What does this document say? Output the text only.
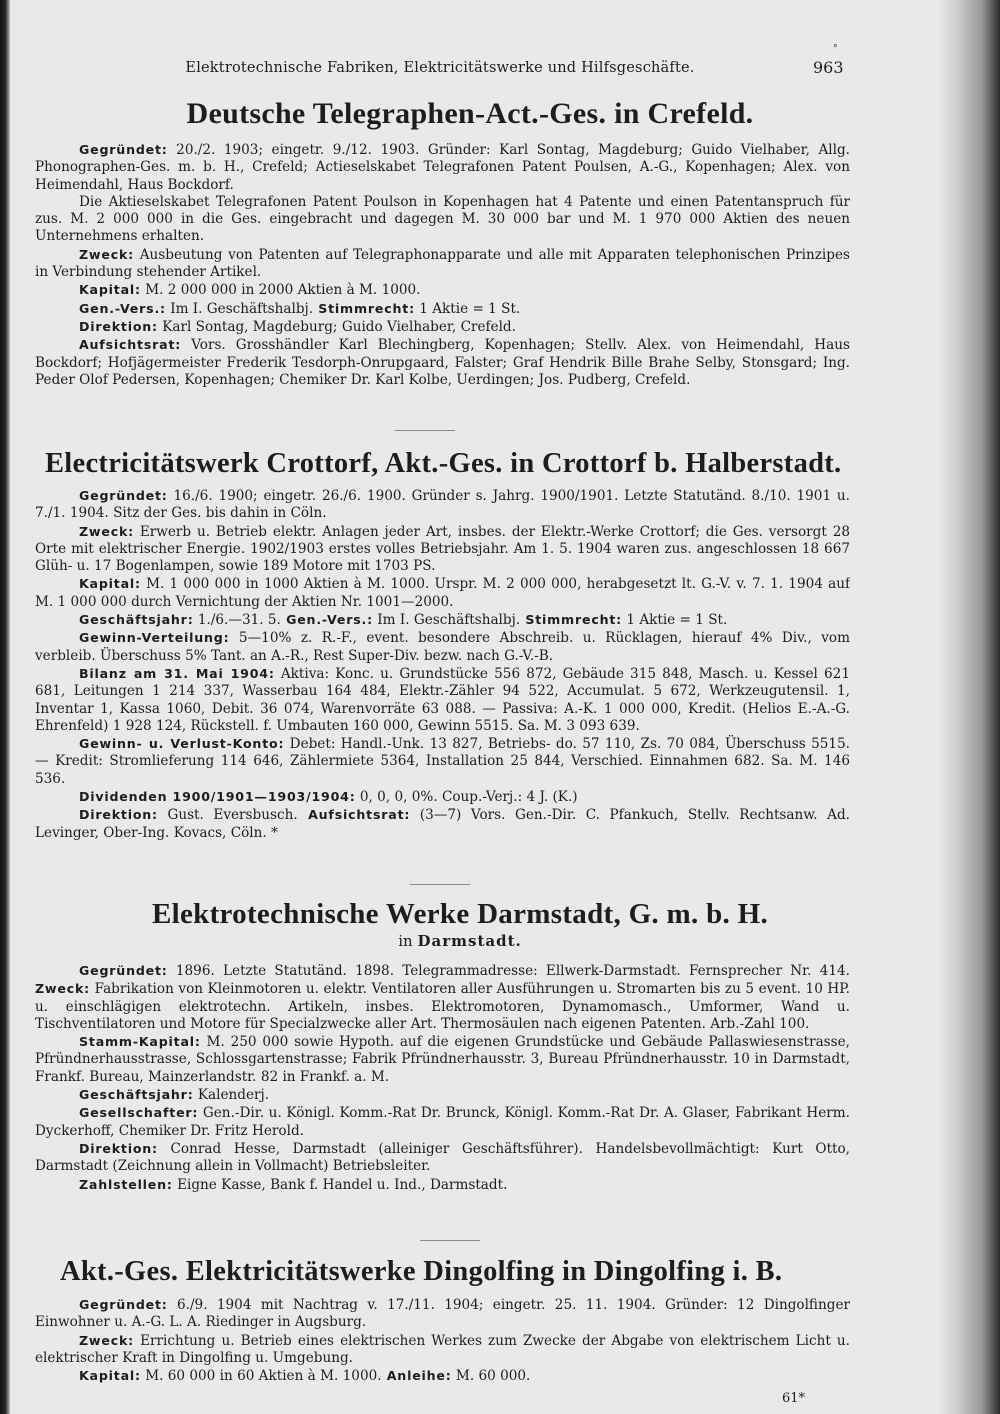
Elektrotechnische Fabriken, Elektricitätswerke und Hilfsgeschäfte.
°
963
Deutsche Telegraphen-Act.-Ges. in Crefeld.

Gegründet: 20./2. 1903; eingetr. 9./12. 1903. Gründer: Karl Sontag, Magdeburg; Guido Vielhaber, Allg. Phonographen-Ges. m. b. H., Crefeld; Actieselskabet Telegrafonen Patent Poulsen, A.-G., Kopenhagen; Alex. von Heimendahl, Haus Bockdorf.

Die Aktieselskabet Telegrafonen Patent Poulson in Kopenhagen hat 4 Patente und einen Patentanspruch für zus. M. 2 000 000 in die Ges. eingebracht und dagegen M. 30 000 bar und M. 1 970 000 Aktien des neuen Unternehmens erhalten.

Zweck: Ausbeutung von Patenten auf Telegraphonapparate und alle mit Apparaten telephonischen Prinzipes in Verbindung stehender Artikel.

Kapital: M. 2 000 000 in 2000 Aktien à M. 1000.

Gen.-Vers.: Im I. Geschäftshalbj. Stimmrecht: 1 Aktie = 1 St.

Direktion: Karl Sontag, Magdeburg; Guido Vielhaber, Crefeld.

Aufsichtsrat: Vors. Grosshändler Karl Blechingberg, Kopenhagen; Stellv. Alex. von Heimendahl, Haus Bockdorf; Hofjägermeister Frederik Tesdorph-Onrupgaard, Falster; Graf Hendrik Bille Brahe Selby, Stonsgard; Ing. Peder Olof Pedersen, Kopenhagen; Chemiker Dr. Karl Kolbe, Uerdingen; Jos. Pudberg, Crefeld.

Electricitätswerk Crottorf, Akt.-Ges. in Crottorf b. Halberstadt.

Gegründet: 16./6. 1900; eingetr. 26./6. 1900. Gründer s. Jahrg. 1900/1901. Letzte Statutänd. 8./10. 1901 u. 7./1. 1904. Sitz der Ges. bis dahin in Cöln.

Zweck: Erwerb u. Betrieb elektr. Anlagen jeder Art, insbes. der Elektr.-Werke Crottorf; die Ges. versorgt 28 Orte mit elektrischer Energie. 1902/1903 erstes volles Betriebsjahr. Am 1. 5. 1904 waren zus. angeschlossen 18 667 Glüh- u. 17 Bogenlampen, sowie 189 Motore mit 1703 PS.

Kapital: M. 1 000 000 in 1000 Aktien à M. 1000. Urspr. M. 2 000 000, herabgesetzt lt. G.-V. v. 7. 1. 1904 auf M. 1 000 000 durch Vernichtung der Aktien Nr. 1001—2000.

Geschäftsjahr: 1./6.—31. 5. Gen.-Vers.: Im I. Geschäftshalbj. Stimmrecht: 1 Aktie = 1 St.

Gewinn-Verteilung: 5—10% z. R.-F., event. besondere Abschreib. u. Rücklagen, hierauf 4% Div., vom verbleib. Überschuss 5% Tant. an A.-R., Rest Super-Div. bezw. nach G.-V.-B.

Bilanz am 31. Mai 1904: Aktiva: Konc. u. Grundstücke 556 872, Gebäude 315 848, Masch. u. Kessel 621 681, Leitungen 1 214 337, Wasserbau 164 484, Elektr.-Zähler 94 522, Accumulat. 5 672, Werkzeugutensil. 1, Inventar 1, Kassa 1060, Debit. 36 074, Warenvorräte 63 088. — Passiva: A.-K. 1 000 000, Kredit. (Helios E.-A.-G. Ehrenfeld) 1 928 124, Rückstell. f. Umbauten 160 000, Gewinn 5515. Sa. M. 3 093 639.

Gewinn- u. Verlust-Konto: Debet: Handl.-Unk. 13 827, Betriebs- do. 57 110, Zs. 70 084, Überschuss 5515. — Kredit: Stromlieferung 114 646, Zählermiete 5364, Installation 25 844, Verschied. Einnahmen 682. Sa. M. 146 536.

Dividenden 1900/1901—1903/1904: 0, 0, 0, 0%. Coup.-Verj.: 4 J. (K.)

Direktion: Gust. Eversbusch. Aufsichtsrat: (3—7) Vors. Gen.-Dir. C. Pfankuch, Stellv. Rechtsanw. Ad. Levinger, Ober-Ing. Kovacs, Cöln. *

Elektrotechnische Werke Darmstadt, G. m. b. H.
in Darmstadt.

Gegründet: 1896. Letzte Statutänd. 1898. Telegrammadresse: Ellwerk-Darmstadt. Fernsprecher Nr. 414. Zweck: Fabrikation von Kleinmotoren u. elektr. Ventilatoren aller Ausführungen u. Stromarten bis zu 5 event. 10 HP. u. einschlägigen elektrotechn. Artikeln, insbes. Elektromotoren, Dynamomasch., Umformer, Wand u. Tischventilatoren und Motore für Specialzwecke aller Art. Thermosäulen nach eigenen Patenten. Arb.-Zahl 100.

Stamm-Kapital: M. 250 000 sowie Hypoth. auf die eigenen Grundstücke und Gebäude Pallaswiesenstrasse, Pfründnerhausstrasse, Schlossgartenstrasse; Fabrik Pfründnerhausstr. 3, Bureau Pfründnerhausstr. 10 in Darmstadt, Frankf. Bureau, Mainzerlandstr. 82 in Frankf. a. M.

Geschäftsjahr: Kalenderj.

Gesellschafter: Gen.-Dir. u. Königl. Komm.-Rat Dr. Brunck, Königl. Komm.-Rat Dr. A. Glaser, Fabrikant Herm. Dyckerhoff, Chemiker Dr. Fritz Herold.

Direktion: Conrad Hesse, Darmstadt (alleiniger Geschäftsführer). Handelsbevollmächtigt: Kurt Otto, Darmstadt (Zeichnung allein in Vollmacht) Betriebsleiter.

Zahlstellen: Eigne Kasse, Bank f. Handel u. Ind., Darmstadt.

Akt.-Ges. Elektricitätswerke Dingolfing in Dingolfing i. B.

Gegründet: 6./9. 1904 mit Nachtrag v. 17./11. 1904; eingetr. 25. 11. 1904. Gründer: 12 Dingolfinger Einwohner u. A.-G. L. A. Riedinger in Augsburg.

Zweck: Errichtung u. Betrieb eines elektrischen Werkes zum Zwecke der Abgabe von elektrischem Licht u. elektrischer Kraft in Dingolfing u. Umgebung.

Kapital: M. 60 000 in 60 Aktien à M. 1000. Anleihe: M. 60 000.

61*
